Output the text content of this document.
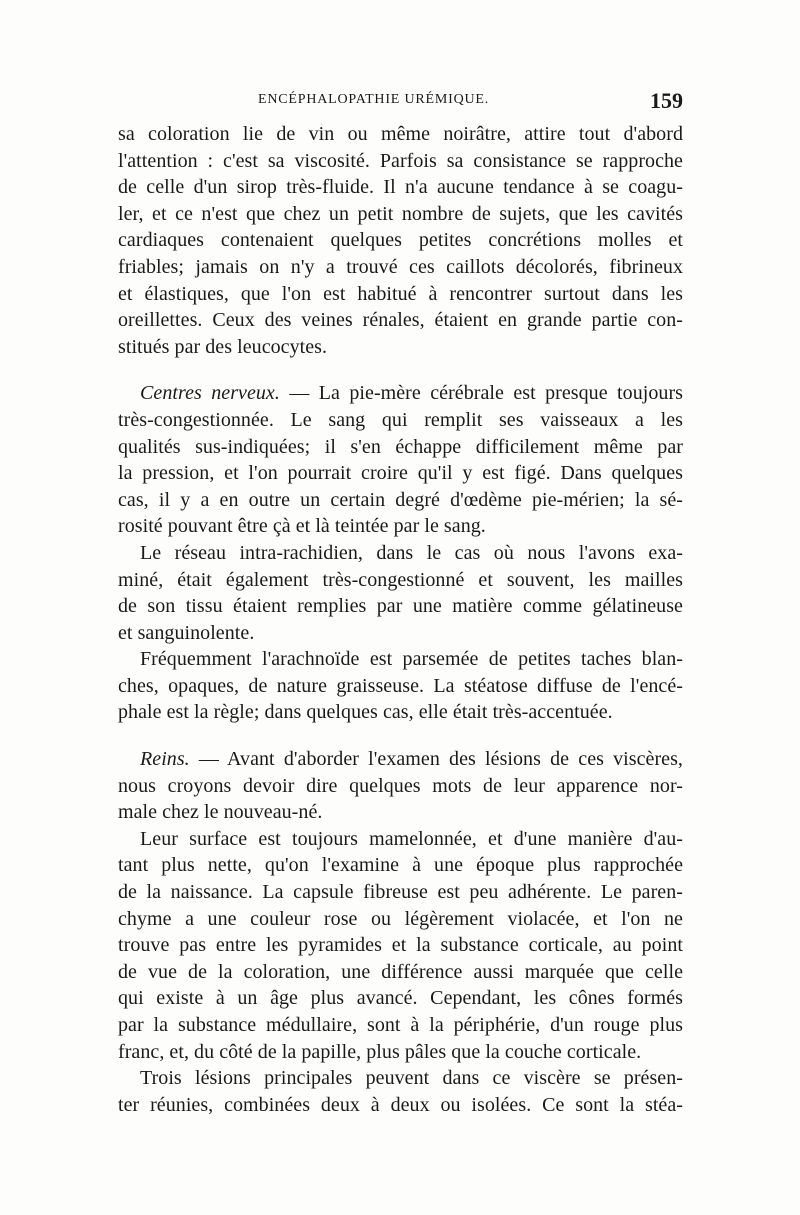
ENCÉPHALOPATHIE URÉMIQUE.	159
sa coloration lie de vin ou même noirâtre, attire tout d'abord
l'attention : c'est sa viscosité. Parfois sa consistance se rapproche
de celle d'un sirop très-fluide. Il n'a aucune tendance à se coagu-
ler, et ce n'est que chez un petit nombre de sujets, que les cavités
cardiaques contenaient quelques petites concrétions molles et
friables; jamais on n'y a trouvé ces caillots décolorés, fibrineux
et élastiques, que l'on est habitué à rencontrer surtout dans les
oreillettes. Ceux des veines rénales, étaient en grande partie con-
stitués par des leucocytes.
Centres nerveux. — La pie-mère cérébrale est presque toujours
très-congestionnée. Le sang qui remplit ses vaisseaux a les
qualités sus-indiquées; il s'en échappe difficilement même par
la pression, et l'on pourrait croire qu'il y est figé. Dans quelques
cas, il y a en outre un certain degré d'œdème pie-mérien; la sé-
rosité pouvant être çà et là teintée par le sang.
Le réseau intra-rachidien, dans le cas où nous l'avons exa-
miné, était également très-congestionné et souvent, les mailles
de son tissu étaient remplies par une matière comme gélatineuse
et sanguinolente.
Fréquemment l'arachnoïde est parsemée de petites taches blan-
ches, opaques, de nature graisseuse. La stéatose diffuse de l'encé-
phale est la règle; dans quelques cas, elle était très-accentuée.
Reins. — Avant d'aborder l'examen des lésions de ces viscères,
nous croyons devoir dire quelques mots de leur apparence nor-
male chez le nouveau-né.
Leur surface est toujours mamelonnée, et d'une manière d'au-
tant plus nette, qu'on l'examine à une époque plus rapprochée
de la naissance. La capsule fibreuse est peu adhérente. Le paren-
chyme a une couleur rose ou légèrement violacée, et l'on ne
trouve pas entre les pyramides et la substance corticale, au point
de vue de la coloration, une différence aussi marquée que celle
qui existe à un âge plus avancé. Cependant, les cônes formés
par la substance médullaire, sont à la périphérie, d'un rouge plus
franc, et, du côté de la papille, plus pâles que la couche corticale.
Trois lésions principales peuvent dans ce viscère se présen-
ter réunies, combinées deux à deux ou isolées. Ce sont la stéa-
